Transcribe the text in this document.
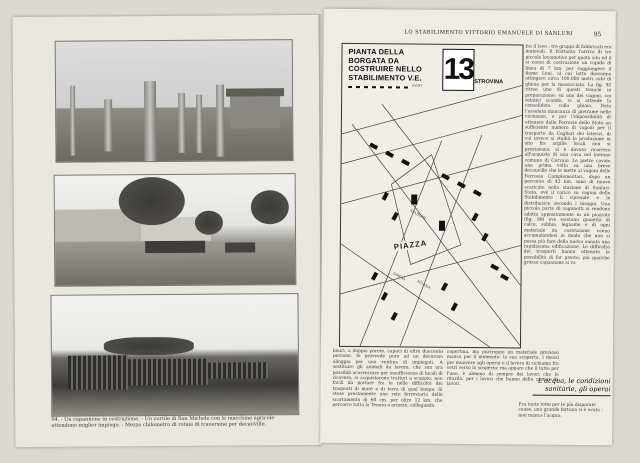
94. - Un capannone in costruzione. - Un cortile di San Michele con le macchine agricole attendono miglior impiego. - Mezzo chilometro di rotaie di traversine per decauville.
LO STABILIMENTO VITTORIO EMANUELE DI SANLURI	95
PIANTA DELLA BORGATA DA COSTRUIRE NELLO STABILIMENTO V.E.
metri 13 STROVINA
PIAZZA
CHIESA
SCUOLA
STAZIONE
fra il lavo ; tre gruppi di fabbricati era mutevoli. Il frattanto l'arrivo di tre piccole locomotive per quota sito ed il si corso di costruzione un rapido di linea di 7 km. per raggiungere il fiume Leni, al cui lotto dovranno attingere circa 100.000 metri cubi di ghiaia per la massicciata. La fig. 92 ritrae uno di questi tronchi in preparazione: su uno dei vagoni, coi relativi scambi, vi si attende la consolidata colla ghiaia. Data l'assoluta mancanza di pietrame nelle vicinanze, e per l'impossibilità di ottenere dalle Ferrovie dello Stato un sufficiente numero di vagoni per il trasporto da Cagliari dei laterizi, di cui invece si studiò la produzione in sito fra argille locali non si prestavano, si è dovuto ricorrere all'acquisto di una cava nel lontano comune di Cervaio. Le pietre cavate una prima volta su una breve decauville che le mette ai vagoni delle Ferrovie Complementari, dopo un percorso di 42 km. sono di nuovo scaricate nella stazione di Sanluri-Stato, ove il carico su vagoni dello Stabilimento li riprende e le distribuisce secondo i bisogni. Una piccola parte di vagonetti si rendono adatta appositamente in un piazzale (fig. 88) ove esistono quantità di calce, sabbia, legname e di ogni materiale da costruzione vanno accumulandosi in modo che non si possa più fare della nuova annata una rapidissima edificazione. Le difficoltà dei trasporti hanno ottenuto la possibilità di far presto; più qualche grosso capannone si va
linari, a doppia parete, capaci di oltre duecento persone. Si provvede pure ad un decoroso alloggio per una ventina di impiegati. A sostituire gli animali da lavoro, che son ora possibili acorrezzare per insufficienza di locali di ricovero, si acquistarono trattori a scoppio, non facili da portare fra le nelle difficoltà dei trasporti di mare e di terra di quel tempo. Si stese prestamente una rete ferroviaria dello scartamento di 60 cm. per oltre 12 km. che percorre tutta la Tenuta a oriente, collegando
copertina, ma purtroppo un materiale prezioso manca per il momento: la sua scoperta. I mezzi per muovere agli operai e il lavoro di richiamo fra vetri verso la scoperta: ma appare che il tutto per l'uno, è almeno di sempre dei lavori che le ritardo, per i lavori che hanno dello zanzar da lavori.	L'acqua, le condizioni sanitarie, gli operai
Fra tante lotte per le più disparate cause, una grande fortuna si è avuta : non manca l'acqua.
